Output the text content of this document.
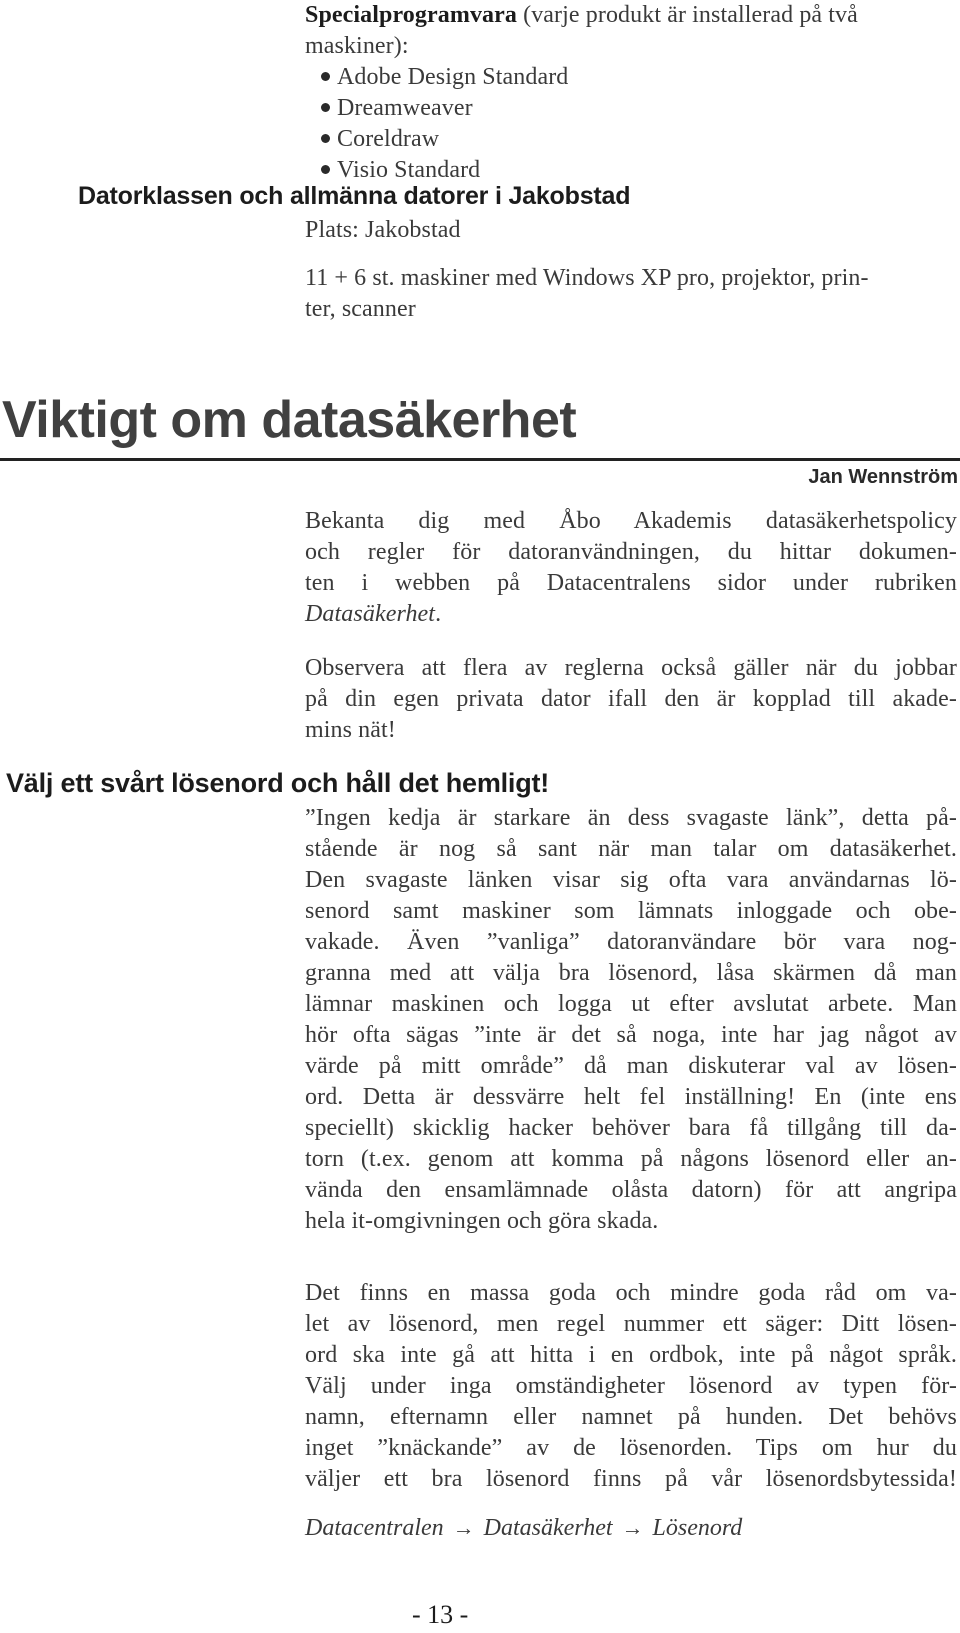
Specialprogramvara (varje produkt är installerad på två
maskiner):
Adobe Design Standard
Dreamweaver
Coreldraw
Visio Standard
Datorklassen och allmänna datorer i Jakobstad
Plats: Jakobstad
11 + 6 st. maskiner med Windows XP pro, projektor, prin-
ter, scanner
Viktigt om datasäkerhet
Jan Wennström
Bekanta dig med Åbo Akademis datasäkerhetspolicy
och regler för datoranvändningen, du hittar dokumen-
ten i webben på Datacentralens sidor under rubriken
Datasäkerhet.
Observera att flera av reglerna också gäller när du jobbar
på din egen privata dator ifall den är kopplad till akade-
mins nät!
Välj ett svårt lösenord och håll det hemligt!
”Ingen kedja är starkare än dess svagaste länk”, detta på-
stående är nog så sant när man talar om datasäkerhet.
Den svagaste länken visar sig ofta vara användarnas lö-
senord samt maskiner som lämnats inloggade och obe-
vakade. Även ”vanliga” datoranvändare bör vara nog-
granna med att välja bra lösenord, låsa skärmen då man
lämnar maskinen och logga ut efter avslutat arbete. Man
hör ofta sägas ”inte är det så noga, inte har jag något av
värde på mitt område” då man diskuterar val av lösen-
ord. Detta är dessvärre helt fel inställning! En (inte ens
speciellt) skicklig hacker behöver bara få tillgång till da-
torn (t.ex. genom att komma på någons lösenord eller an-
vända den ensamlämnade olåsta datorn) för att angripa
hela it-omgivningen och göra skada.
Det finns en massa goda och mindre goda råd om va-
let av lösenord, men regel nummer ett säger: Ditt lösen-
ord ska inte gå att hitta i en ordbok, inte på något språk.
Välj under inga omständigheter lösenord av typen för-
namn, efternamn eller namnet på hunden. Det behövs
inget ”knäckande” av de lösenorden. Tips om hur du
väljer ett bra lösenord finns på vår lösenordsbytessida!
Datacentralen → Datasäkerhet → Lösenord
- 13 -
